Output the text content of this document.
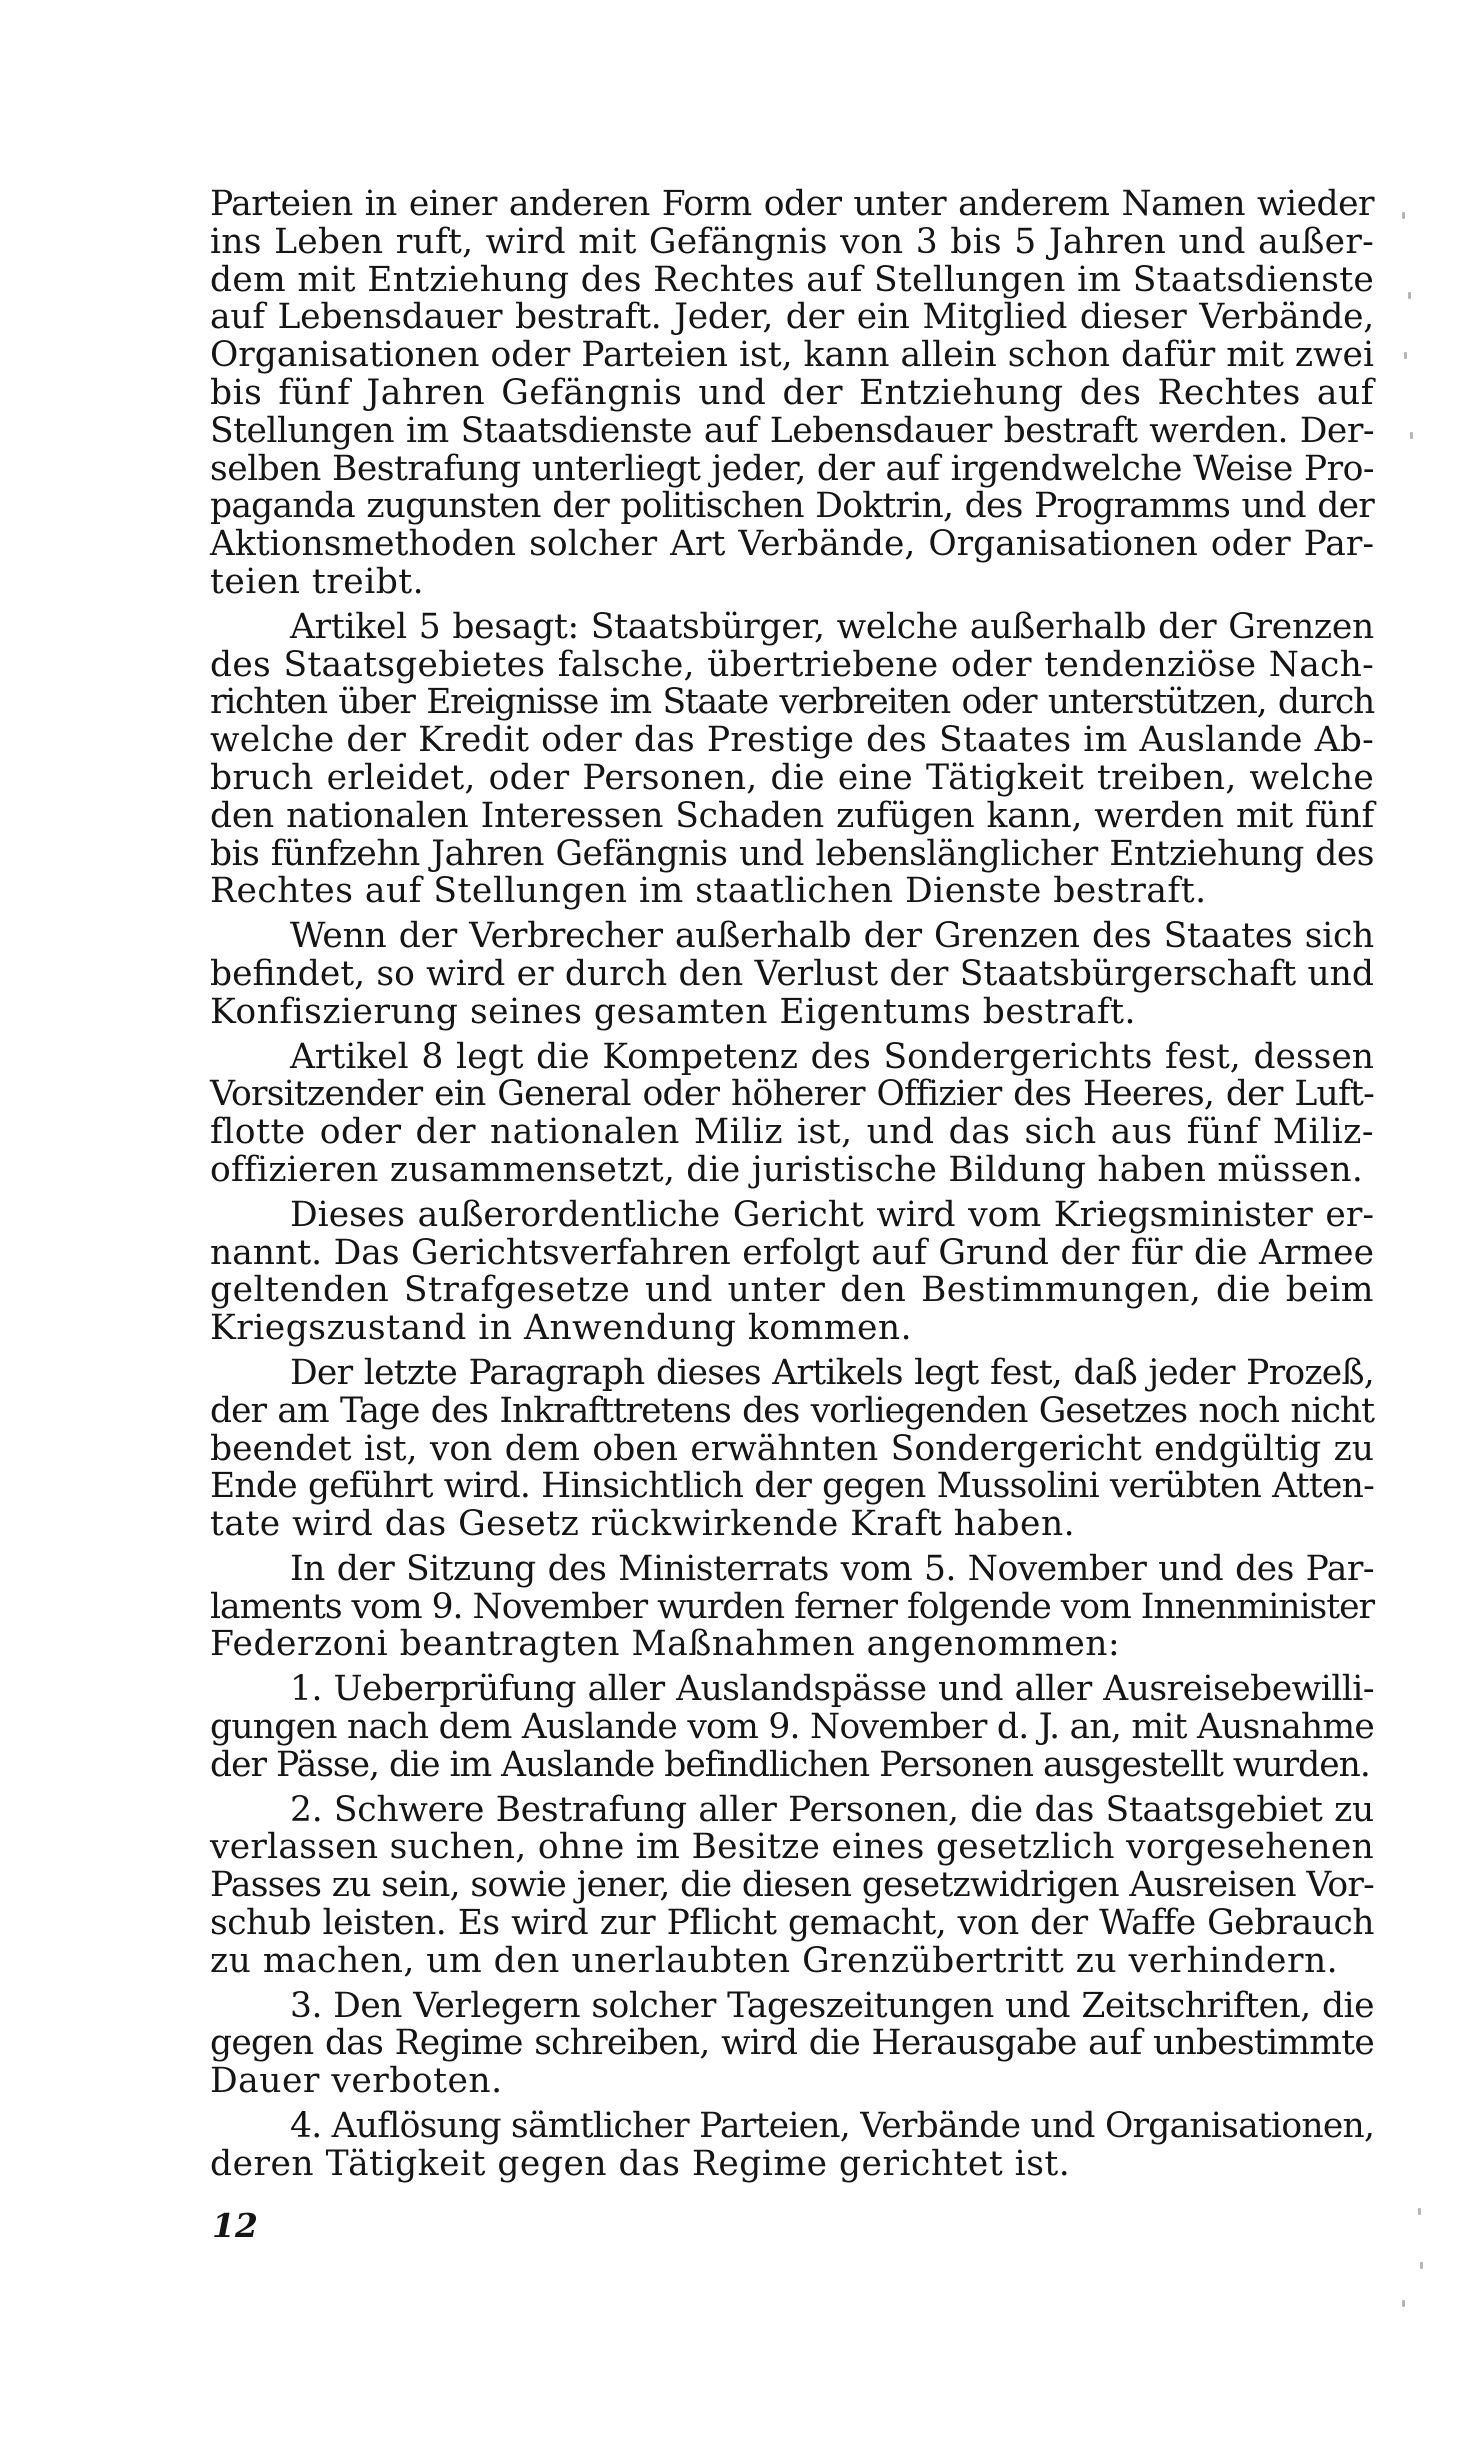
Parteien in einer anderen Form oder unter anderem Namen wieder
ins Leben ruft, wird mit Gefängnis von 3 bis 5 Jahren und außer-
dem mit Entziehung des Rechtes auf Stellungen im Staatsdienste
auf Lebensdauer bestraft. Jeder, der ein Mitglied dieser Verbände,
Organisationen oder Parteien ist, kann allein schon dafür mit zwei
bis fünf Jahren Gefängnis und der Entziehung des Rechtes auf
Stellungen im Staatsdienste auf Lebensdauer bestraft werden. Der-
selben Bestrafung unterliegt jeder, der auf irgendwelche Weise Pro-
paganda zugunsten der politischen Doktrin, des Programms und der
Aktionsmethoden solcher Art Verbände, Organisationen oder Par-
teien treibt.
Artikel 5 besagt: Staatsbürger, welche außerhalb der Grenzen
des Staatsgebietes falsche, übertriebene oder tendenziöse Nach-
richten über Ereignisse im Staate verbreiten oder unterstützen, durch
welche der Kredit oder das Prestige des Staates im Auslande Ab-
bruch erleidet, oder Personen, die eine Tätigkeit treiben, welche
den nationalen Interessen Schaden zufügen kann, werden mit fünf
bis fünfzehn Jahren Gefängnis und lebenslänglicher Entziehung des
Rechtes auf Stellungen im staatlichen Dienste bestraft.
Wenn der Verbrecher außerhalb der Grenzen des Staates sich
befindet, so wird er durch den Verlust der Staatsbürgerschaft und
Konfiszierung seines gesamten Eigentums bestraft.
Artikel 8 legt die Kompetenz des Sondergerichts fest, dessen
Vorsitzender ein General oder höherer Offizier des Heeres, der Luft-
flotte oder der nationalen Miliz ist, und das sich aus fünf Miliz-
offizieren zusammensetzt, die juristische Bildung haben müssen.
Dieses außerordentliche Gericht wird vom Kriegsminister er-
nannt. Das Gerichtsverfahren erfolgt auf Grund der für die Armee
geltenden Strafgesetze und unter den Bestimmungen, die beim
Kriegszustand in Anwendung kommen.
Der letzte Paragraph dieses Artikels legt fest, daß jeder Prozeß,
der am Tage des Inkrafttretens des vorliegenden Gesetzes noch nicht
beendet ist, von dem oben erwähnten Sondergericht endgültig zu
Ende geführt wird. Hinsichtlich der gegen Mussolini verübten Atten-
tate wird das Gesetz rückwirkende Kraft haben.
In der Sitzung des Ministerrats vom 5. November und des Par-
laments vom 9. November wurden ferner folgende vom Innenminister
Federzoni beantragten Maßnahmen angenommen:
1. Ueberprüfung aller Auslandspässe und aller Ausreisebewilli-
gungen nach dem Auslande vom 9. November d. J. an, mit Ausnahme
der Pässe, die im Auslande befindlichen Personen ausgestellt wurden.
2. Schwere Bestrafung aller Personen, die das Staatsgebiet zu
verlassen suchen, ohne im Besitze eines gesetzlich vorgesehenen
Passes zu sein, sowie jener, die diesen gesetzwidrigen Ausreisen Vor-
schub leisten. Es wird zur Pflicht gemacht, von der Waffe Gebrauch
zu machen, um den unerlaubten Grenzübertritt zu verhindern.
3. Den Verlegern solcher Tageszeitungen und Zeitschriften, die
gegen das Regime schreiben, wird die Herausgabe auf unbestimmte
Dauer verboten.
4. Auflösung sämtlicher Parteien, Verbände und Organisationen,
deren Tätigkeit gegen das Regime gerichtet ist.
12
